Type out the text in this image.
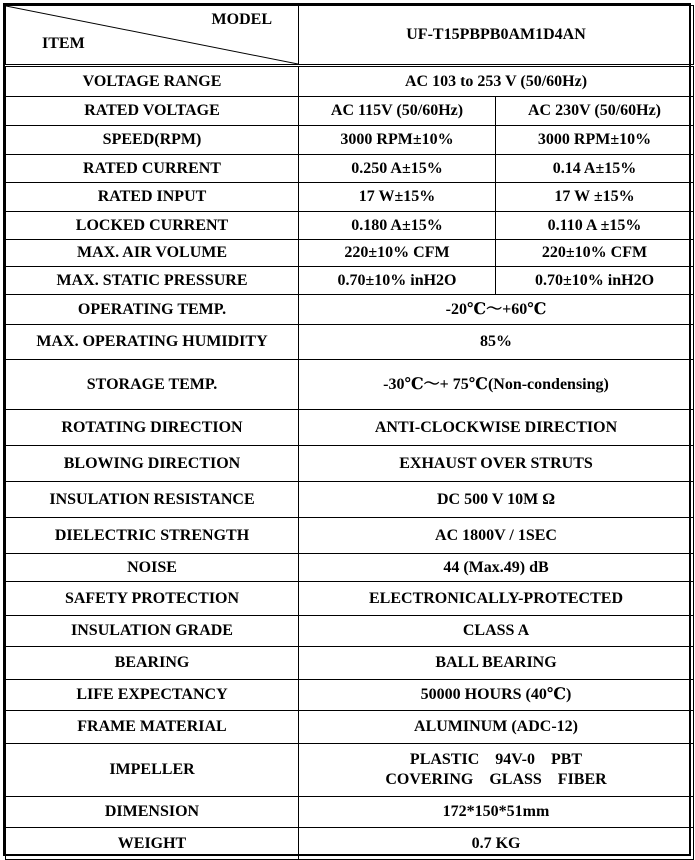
MODEL
ITEM	UF-T15PBPB0AM1D4AN	
VOLTAGE RANGE	AC 103 to 253 V (50/60Hz)	
RATED VOLTAGE	AC 115V (50/60Hz)	AC 230V (50/60Hz)
SPEED(RPM)	3000 RPM±10%	3000 RPM±10%
RATED CURRENT	0.250 A±15%	0.14 A±15%
RATED INPUT	17 W±15%	17 W ±15%
LOCKED CURRENT	0.180 A±15%	0.110 A ±15%
MAX. AIR VOLUME	220±10% CFM	220±10% CFM
MAX. STATIC PRESSURE	0.70±10% inH2O	0.70±10% inH2O
OPERATING TEMP.	-20℃～+60℃	
MAX. OPERATING HUMIDITY	85%	
STORAGE TEMP.	-30℃～+ 75℃(Non-condensing)	
ROTATING DIRECTION	ANTI-CLOCKWISE DIRECTION	
BLOWING DIRECTION	EXHAUST OVER STRUTS	
INSULATION RESISTANCE	DC 500 V 10M Ω	
DIELECTRIC STRENGTH	AC 1800V / 1SEC	
NOISE	44 (Max.49) dB	
SAFETY PROTECTION	ELECTRONICALLY-PROTECTED	
INSULATION GRADE	CLASS A	
BEARING	BALL BEARING	
LIFE EXPECTANCY	50000 HOURS (40℃)	
FRAME MATERIAL	ALUMINUM (ADC-12)	
IMPELLER	PLASTIC    94V-0    PBT
COVERING    GLASS    FIBER	

DIMENSION	172*150*51mm	
WEIGHT	0.7 KG	
